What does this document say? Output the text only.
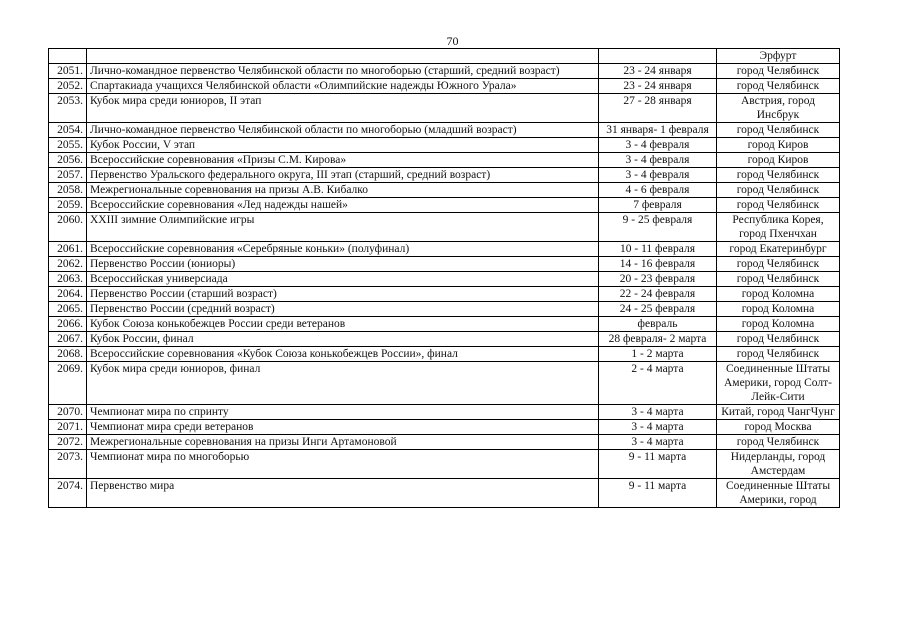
70
			Эрфурт
2051.	Лично-командное первенство Челябинской области по многоборью (старший, средний возраст)	23 - 24 января	город Челябинск
2052.	Спартакиада учащихся Челябинской области «Олимпийские надежды Южного Урала»	23 - 24 января	город Челябинск
2053.	Кубок мира среди юниоров, II этап	27 - 28 января	Австрия, город Инсбрук
2054.	Лично-командное первенство Челябинской области по многоборью (младший возраст)	31 января- 1 февраля	город Челябинск
2055.	Кубок России, V этап	3 - 4 февраля	город Киров
2056.	Всероссийские соревнования «Призы С.М. Кирова»	3 - 4 февраля	город Киров
2057.	Первенство Уральского федерального округа, III этап (старший, средний возраст)	3 - 4 февраля	город Челябинск
2058.	Межрегиональные соревнования на призы А.В. Кибалко	4 - 6 февраля	город Челябинск
2059.	Всероссийские соревнования «Лед надежды нашей»	7 февраля	город Челябинск
2060.	XXIII зимние Олимпийские игры	9 - 25 февраля	Республика Корея, город Пхенчхан
2061.	Всероссийские соревнования «Серебряные коньки» (полуфинал)	10 - 11 февраля	город Екатеринбург
2062.	Первенство России (юниоры)	14 - 16 февраля	город Челябинск
2063.	Всероссийская универсиада	20 - 23 февраля	город Челябинск
2064.	Первенство России (старший возраст)	22 - 24 февраля	город Коломна
2065.	Первенство России (средний возраст)	24 - 25 февраля	город Коломна
2066.	Кубок Союза конькобежцев России среди ветеранов	февраль	город Коломна
2067.	Кубок России, финал	28 февраля- 2 марта	город Челябинск
2068.	Всероссийские соревнования «Кубок Союза конькобежцев России», финал	1 - 2 марта	город Челябинск
2069.	Кубок мира среди юниоров, финал	2 - 4 марта	Соединенные Штаты Америки, город Солт-Лейк-Сити
2070.	Чемпионат мира по спринту	3 - 4 марта	Китай, город ЧангЧунг
2071.	Чемпионат мира среди ветеранов	3 - 4 марта	город Москва
2072.	Межрегиональные соревнования на призы Инги Артамоновой	3 - 4 марта	город Челябинск
2073.	Чемпионат мира по многоборью	9 - 11 марта	Нидерланды, город Амстердам
2074.	Первенство мира	9 - 11 марта	Соединенные Штаты Америки, город
